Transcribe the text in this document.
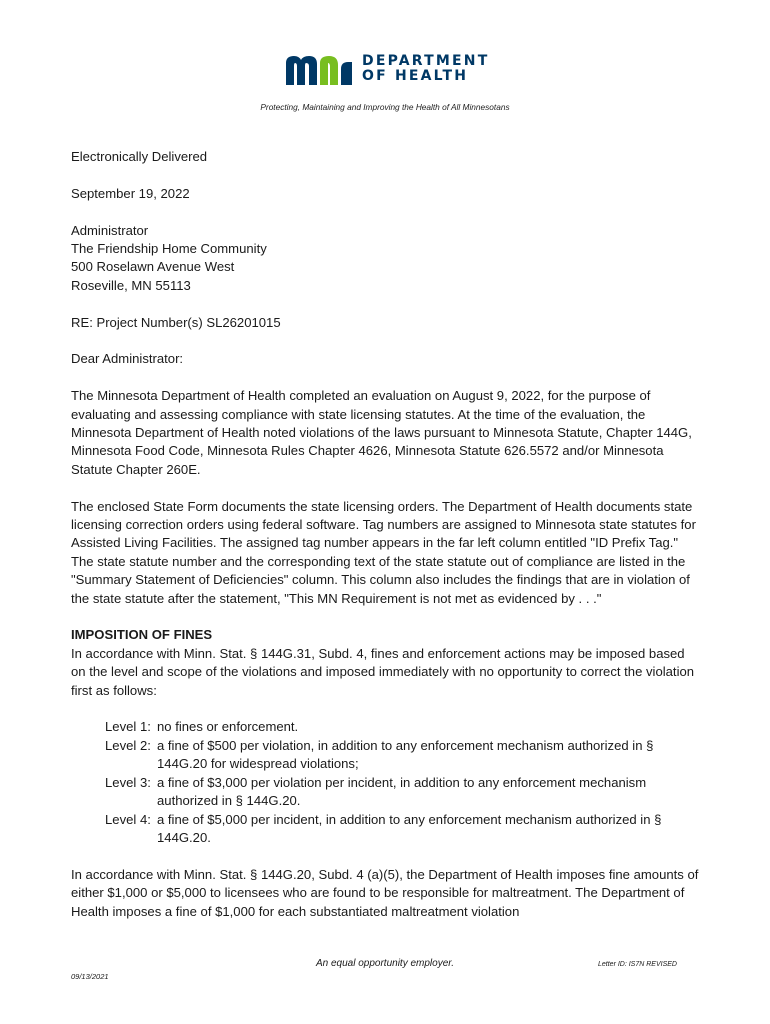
DEPARTMENT
OF HEALTH
Protecting, Maintaining and Improving the Health of All Minnesotans

Electronically Delivered

September 19, 2022

Administrator

The Friendship Home Community

500 Roselawn Avenue West

Roseville, MN 55113

RE: Project Number(s) SL26201015

Dear Administrator:

The Minnesota Department of Health completed an evaluation on August 9, 2022, for the purpose of evaluating and assessing compliance with state licensing statutes. At the time of the evaluation, the Minnesota Department of Health noted violations of the laws pursuant to Minnesota Statute, Chapter 144G, Minnesota Food Code, Minnesota Rules Chapter 4626, Minnesota Statute 626.5572 and/or Minnesota Statute Chapter 260E.

The enclosed State Form documents the state licensing orders. The Department of Health documents state licensing correction orders using federal software. Tag numbers are assigned to Minnesota state statutes for Assisted Living Facilities. The assigned tag number appears in the far left column entitled "ID Prefix Tag." The state statute number and the corresponding text of the state statute out of compliance are listed in the "Summary Statement of Deficiencies" column. This column also includes the findings that are in violation of the state statute after the statement, "This MN Requirement is not met as evidenced by . . ."

IMPOSITION OF FINES

In accordance with Minn. Stat. § 144G.31, Subd. 4, fines and enforcement actions may be imposed based on the level and scope of the violations and imposed immediately with no opportunity to correct the violation first as follows:

Level 1: no fines or enforcement.
Level 2: a fine of $500 per violation, in addition to any enforcement mechanism authorized in § 144G.20 for widespread violations;
Level 3: a fine of $3,000 per violation per incident, in addition to any enforcement mechanism authorized in § 144G.20.
Level 4: a fine of $5,000 per incident, in addition to any enforcement mechanism authorized in § 144G.20.

In accordance with Minn. Stat. § 144G.20, Subd. 4 (a)(5), the Department of Health imposes fine amounts of either $1,000 or $5,000 to licensees who are found to be responsible for maltreatment. The Department of Health imposes a fine of $1,000 for each substantiated maltreatment violation

An equal opportunity employer.
09/13/2021
Letter ID: IS7N REVISED
